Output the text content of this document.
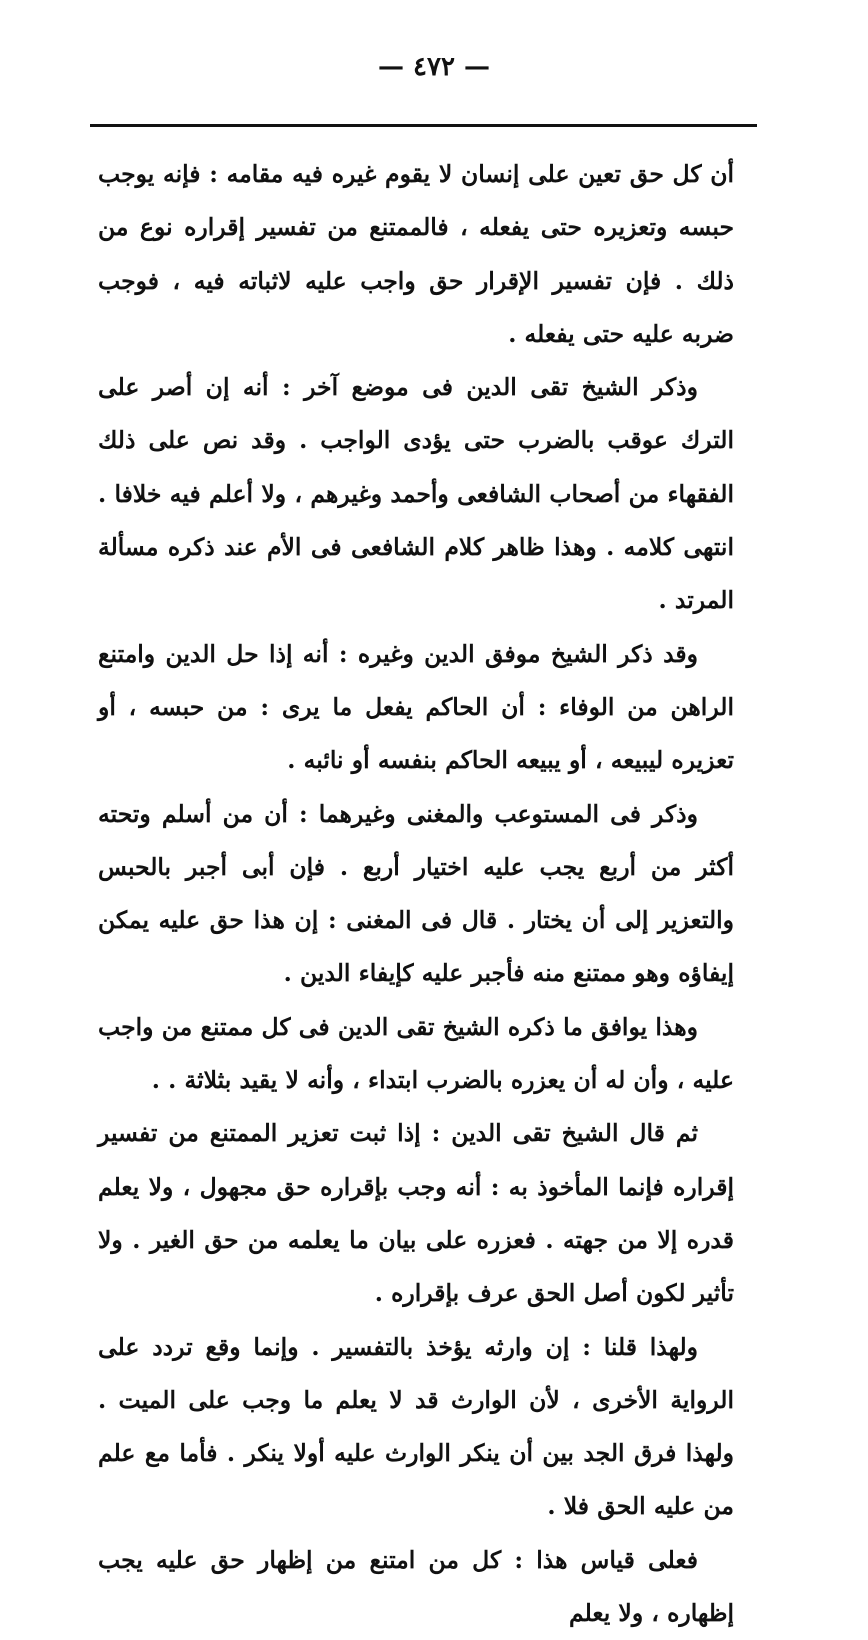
— ٤٧٢ —

أن كل حق تعين على إنسان لا يقوم غيره فيه مقامه : فإنه يوجب حبسه وتعزيره حتى يفعله ، فالممتنع من تفسير إقراره نوع من ذلك . فإن تفسير الإقرار حق واجب عليه لاثباته فيه ، فوجب ضربه عليه حتى يفعله .

وذكر الشيخ تقى الدين فى موضع آخر : أنه إن أصر على الترك عوقب بالضرب حتى يؤدى الواجب . وقد نص على ذلك الفقهاء من أصحاب الشافعى وأحمد وغيرهم ، ولا أعلم فيه خلافا . انتهى كلامه . وهذا ظاهر كلام الشافعى فى الأم عند ذكره مسألة المرتد .

وقد ذكر الشيخ موفق الدين وغيره : أنه إذا حل الدين وامتنع الراهن من الوفاء : أن الحاكم يفعل ما يرى : من حبسه ، أو تعزيره ليبيعه ، أو يبيعه الحاكم بنفسه أو نائبه .

وذكر فى المستوعب والمغنى وغيرهما : أن من أسلم وتحته أكثر من أربع يجب عليه اختيار أربع . فإن أبى أجبر بالحبس والتعزير إلى أن يختار . قال فى المغنى : إن هذا حق عليه يمكن إيفاؤه وهو ممتنع منه فأجبر عليه كإيفاء الدين .

وهذا يوافق ما ذكره الشيخ تقى الدين فى كل ممتنع من واجب عليه ، وأن له أن يعزره بالضرب ابتداء ، وأنه لا يقيد بثلاثة . .

ثم قال الشيخ تقى الدين : إذا ثبت تعزير الممتنع من تفسير إقراره فإنما المأخوذ به : أنه وجب بإقراره حق مجهول ، ولا يعلم قدره إلا من جهته . فعزره على بيان ما يعلمه من حق الغير . ولا تأثير لكون أصل الحق عرف بإقراره .

ولهذا قلنا : إن وارثه يؤخذ بالتفسير . وإنما وقع تردد على الرواية الأخرى ، لأن الوارث قد لا يعلم ما وجب على الميت . ولهذا فرق الجد بين أن ينكر الوارث عليه أولا ينكر . فأما مع علم من عليه الحق فلا .

فعلى قياس هذا : كل من امتنع من إظهار حق عليه يجب إظهاره ، ولا يعلم
